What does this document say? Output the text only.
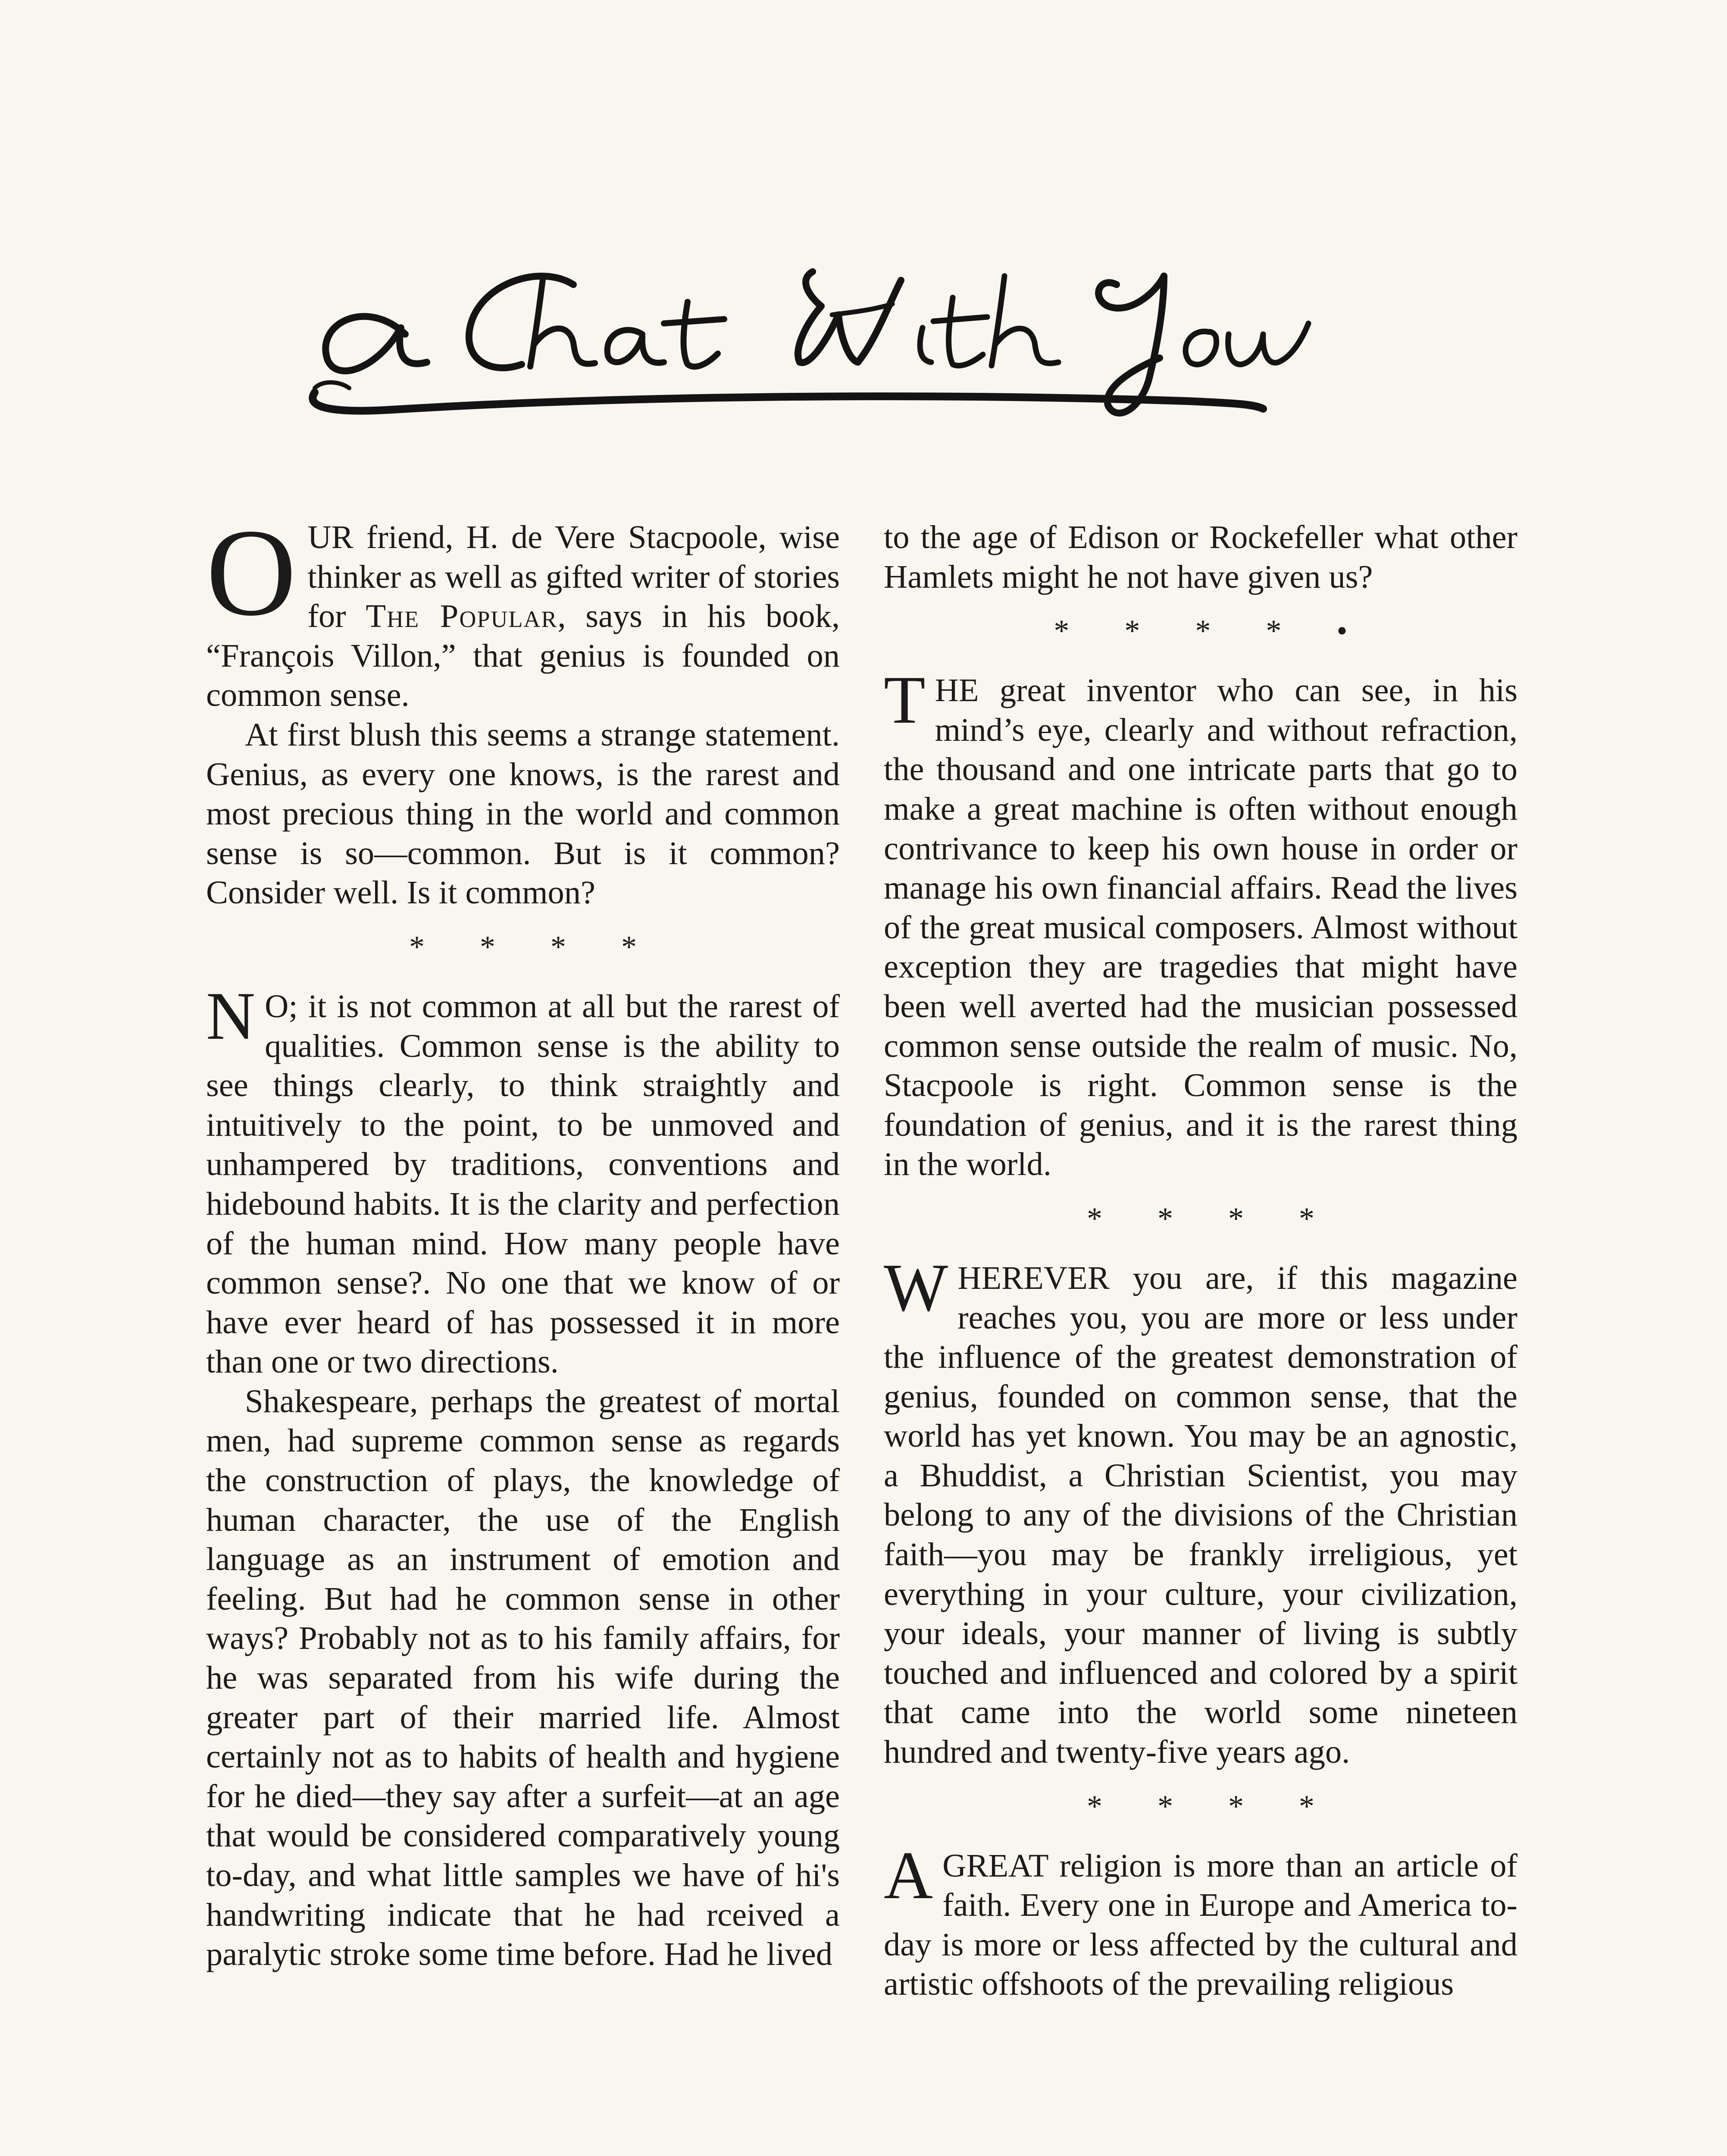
OUR friend, H. de Vere Stacpoole, wise thinker as well as gifted writer of stories for The Popular, says in his book, “François Villon,” that genius is founded on common sense.

At first blush this seems a strange statement. Genius, as every one knows, is the rarest and most precious thing in the world and common sense is so—common. But is it common? Consider well. Is it common?

* * * *

N O; it is not common at all but the rarest of qualities. Common sense is the ability to see things clearly, to think straightly and intuitively to the point, to be unmoved and unhampered by traditions, conventions and hidebound habits. It is the clarity and perfection of the human mind. How many people have common sense?. No one that we know of or have ever heard of has possessed it in more than one or two directions.

Shakespeare, perhaps the greatest of mortal men, had supreme common sense as regards the construction of plays, the knowledge of human character, the use of the English language as an instrument of emotion and feeling. But had he common sense in other ways? Probably not as to his family affairs, for he was separated from his wife during the greater part of their married life. Almost certainly not as to habits of health and hygiene for he died—they say after a surfeit—at an age that would be considered comparatively young to-day, and what little samples we have of hi's handwriting indicate that he had rceived a paralytic stroke some time before. Had he lived

to the age of Edison or Rockefeller what other Hamlets might he not have given us?

* * * * •

THE great inventor who can see, in his mind’s eye, clearly and without refraction, the thousand and one intricate parts that go to make a great machine is often without enough contrivance to keep his own house in order or manage his own financial affairs. Read the lives of the great musical composers. Almost without exception they are tragedies that might have been well averted had the musician possessed common sense outside the realm of music. No, Stacpoole is right. Common sense is the foundation of genius, and it is the rarest thing in the world.

* * * *

WHEREVER you are, if this magazine reaches you, you are more or less under the influence of the greatest demonstration of genius, founded on common sense, that the world has yet known. You may be an agnostic, a Bhuddist, a Christian Scientist, you may belong to any of the divisions of the Christian faith—you may be frankly irreligious, yet everything in your culture, your civilization, your ideals, your manner of living is subtly touched and influenced and colored by a spirit that came into the world some nineteen hundred and twenty-five years ago.

* * * *

AGREAT religion is more than an article of faith. Every one in Europe and America to-day is more or less affected by the cultural and artistic offshoots of the prevailing religious
